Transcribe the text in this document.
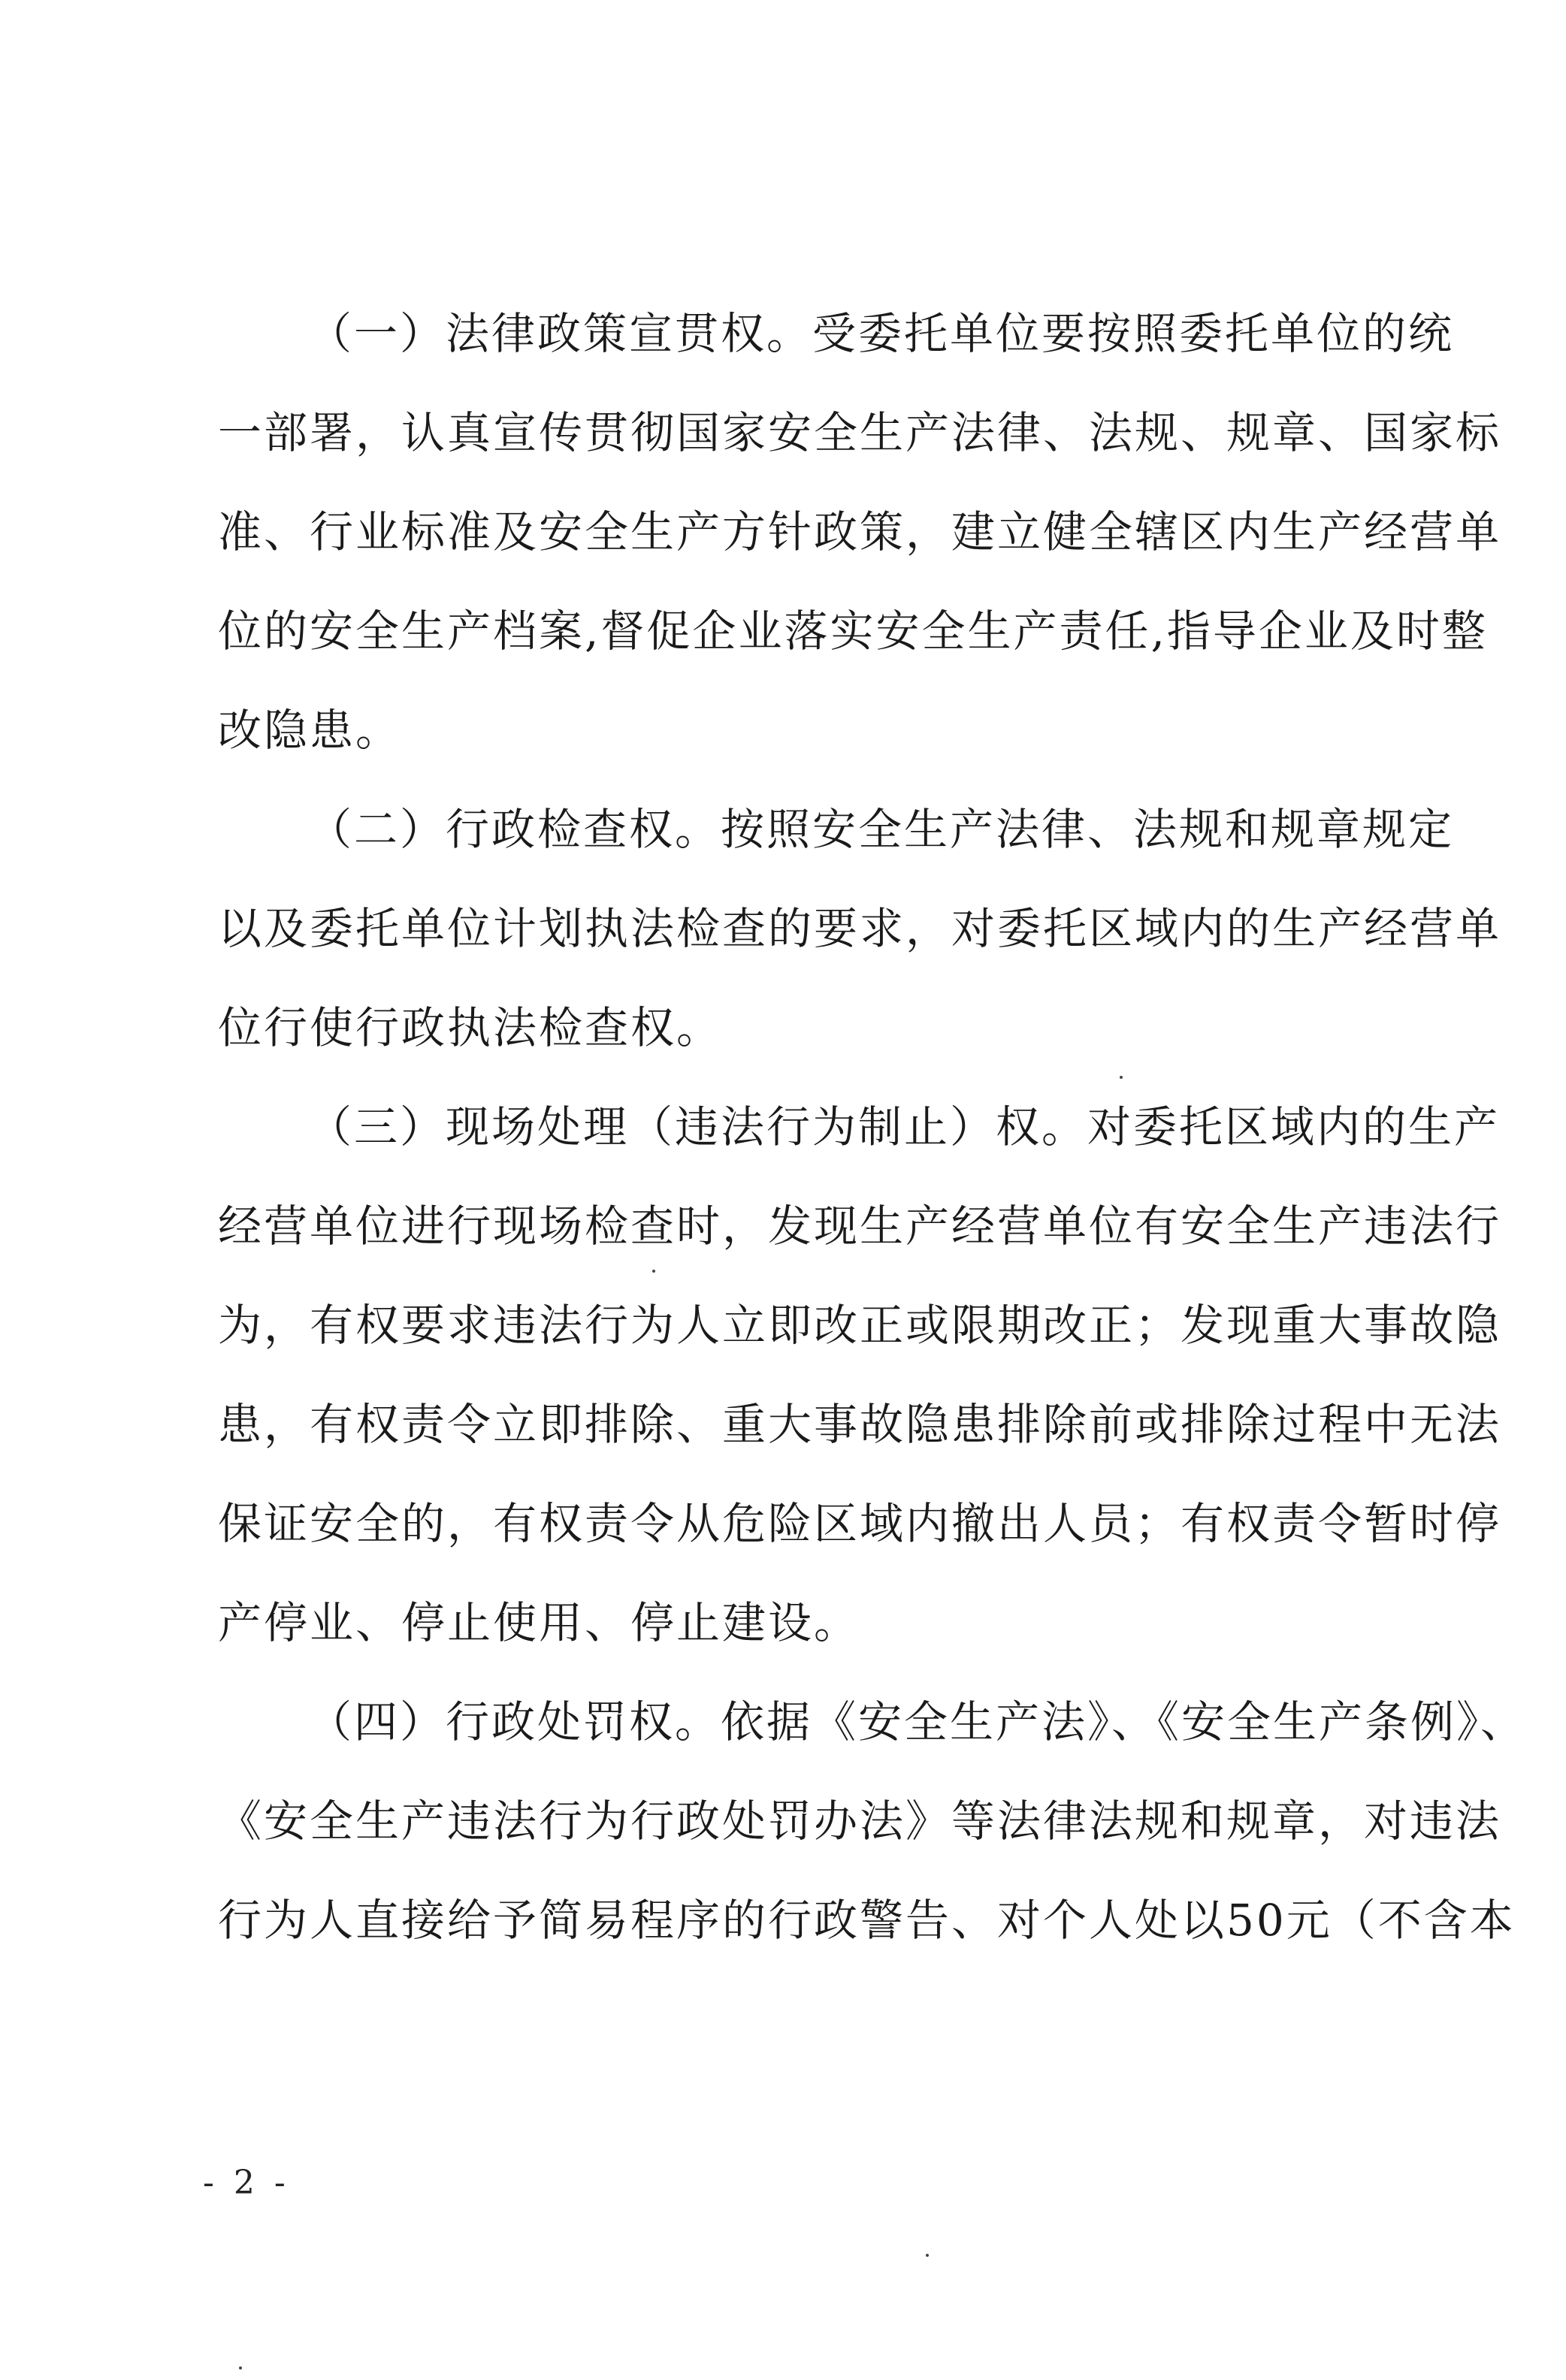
（一）法律政策宣贯权。受委托单位要按照委托单位的统
一部署，认真宣传贯彻国家安全生产法律、法规、规章、国家标
准、行业标准及安全生产方针政策，建立健全辖区内生产经营单
位的安全生产档案,督促企业落实安全生产责任,指导企业及时整
改隐患。
（二）行政检查权。按照安全生产法律、法规和规章规定
以及委托单位计划执法检查的要求，对委托区域内的生产经营单
位行使行政执法检查权。
（三）现场处理（违法行为制止）权。对委托区域内的生产
经营单位进行现场检查时，发现生产经营单位有安全生产违法行
为，有权要求违法行为人立即改正或限期改正；发现重大事故隐
患，有权责令立即排除、重大事故隐患排除前或排除过程中无法
保证安全的，有权责令从危险区域内撤出人员；有权责令暂时停
产停业、停止使用、停止建设。
（四）行政处罚权。依据《安全生产法》、《安全生产条例》、
《安全生产违法行为行政处罚办法》等法律法规和规章，对违法
行为人直接给予简易程序的行政警告、对个人处以50元（不含本
- 2 -
